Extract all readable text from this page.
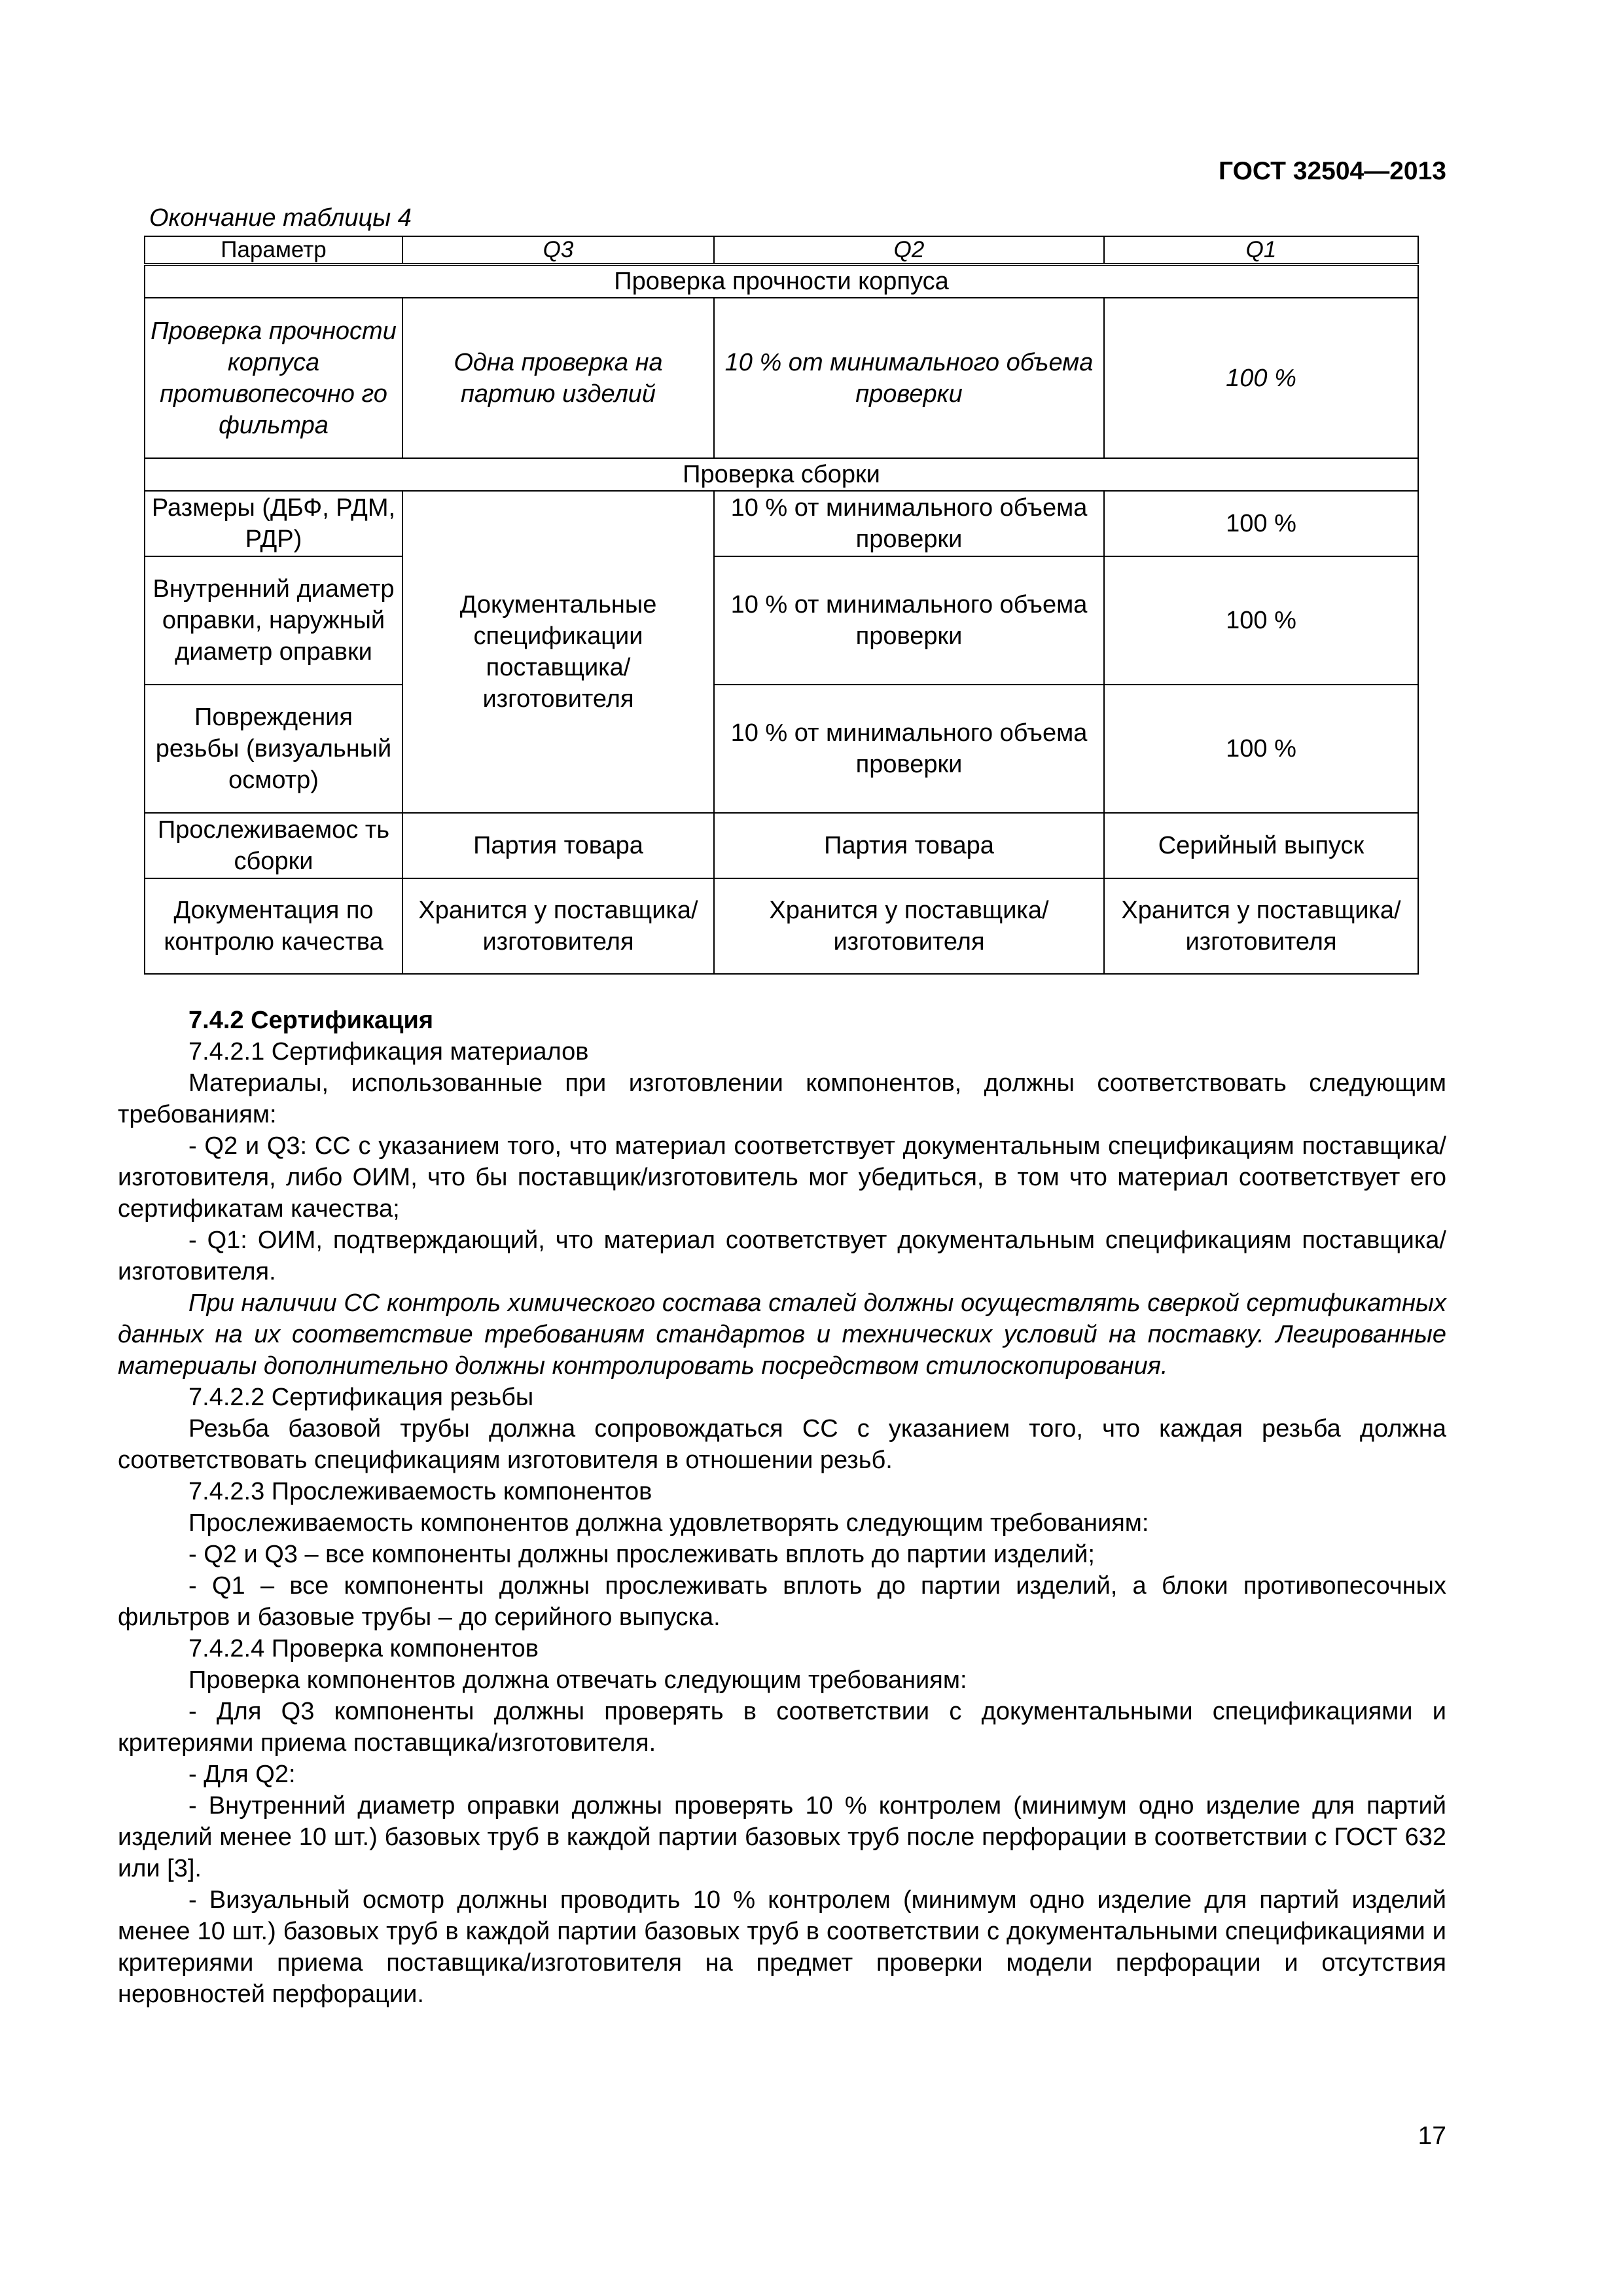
ГОСТ 32504—2013
Окончание таблицы 4
Параметр	Q3	Q2	Q1
Проверка прочности корпуса			
Проверка прочности корпуса противопесочно го фильтра	Одна проверка на партию изделий	10 % от минимального объема проверки	100 %
Проверка сборки			
Размеры (ДБФ, РДМ, РДР)	Документальные спецификации поставщика/ изготовителя	10 % от минимального объема проверки	100 %
Внутренний диаметр оправки, наружный диаметр оправки		10 % от минимального объема проверки	100 %
Повреждения резьбы (визуальный осмотр)		10 % от минимального объема проверки	100 %
Прослеживаемос ть сборки	Партия товара	Партия товара	Серийный выпуск
Документация по контролю качества	Хранится у поставщика/ изготовителя	Хранится у поставщика/ изготовителя	Хранится у поставщика/ изготовителя

7.4.2 Сертификация

7.4.2.1 Сертификация материалов

Материалы, использованные при изготовлении компонентов, должны соответствовать следующим требованиям:

- Q2 и Q3: СС с указанием того, что материал соответствует документальным спецификациям поставщика/изготовителя, либо ОИМ, что бы поставщик/изготовитель мог убедиться, в том что материал соответствует его сертификатам качества;

- Q1: ОИМ, подтверждающий, что материал соответствует документальным спецификациям поставщика/изготовителя.

При наличии СС контроль химического состава сталей должны осуществлять сверкой сертификатных данных на их соответствие требованиям стандартов и технических условий на поставку. Легированные материалы дополнительно должны контролировать посредством стилоскопирования.

7.4.2.2 Сертификация резьбы

Резьба базовой трубы должна сопровождаться СС с указанием того, что каждая резьба должна соответствовать спецификациям изготовителя в отношении резьб.

7.4.2.3 Прослеживаемость компонентов

Прослеживаемость компонентов должна удовлетворять следующим требованиям:

- Q2 и Q3 – все компоненты должны прослеживать вплоть до партии изделий;

- Q1 – все компоненты должны прослеживать вплоть до партии изделий, а блоки противопесочных фильтров и базовые трубы – до серийного выпуска.

7.4.2.4 Проверка компонентов

Проверка компонентов должна отвечать следующим требованиям:

- Для Q3 компоненты должны проверять в соответствии с документальными спецификациями и критериями приема поставщика/изготовителя.

- Для Q2:

- Внутренний диаметр оправки должны проверять 10 % контролем (минимум одно изделие для партий изделий менее 10 шт.) базовых труб в каждой партии базовых труб после перфорации в соответствии с ГОСТ 632 или [3].

- Визуальный осмотр должны проводить 10 % контролем (минимум одно изделие для партий изделий менее 10 шт.) базовых труб в каждой партии базовых труб в соответствии с документальными спецификациями и критериями приема поставщика/изготовителя на предмет проверки модели перфорации и отсутствия неровностей перфорации.

17
